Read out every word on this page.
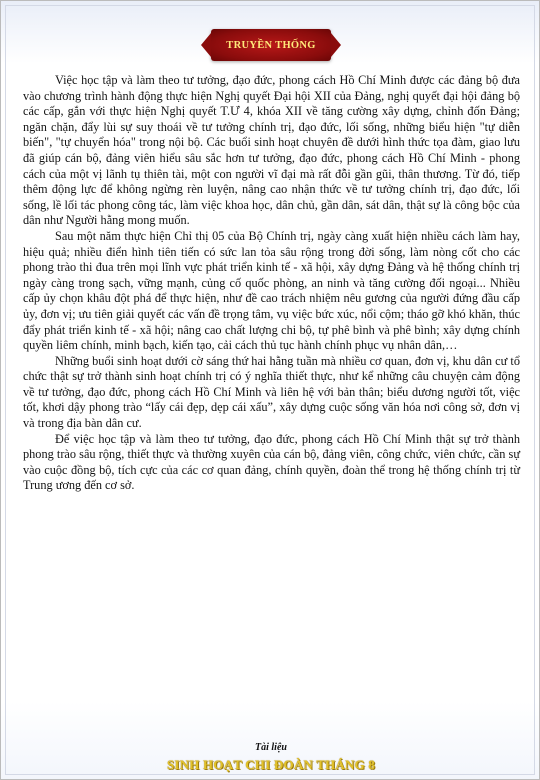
TRUYỀN THỐNG

Việc học tập và làm theo tư tưởng, đạo đức, phong cách Hồ Chí Minh được các đảng bộ đưa vào chương trình hành động thực hiện Nghị quyết Đại hội XII của Đảng, nghị quyết đại hội đảng bộ các cấp, gắn với thực hiện Nghị quyết T.Ư 4, khóa XII về tăng cường xây dựng, chỉnh đốn Đảng; ngăn chặn, đẩy lùi sự suy thoái về tư tưởng chính trị, đạo đức, lối sống, những biểu hiện "tự diễn biến", "tự chuyển hóa" trong nội bộ. Các buổi sinh hoạt chuyên đề dưới hình thức tọa đàm, giao lưu đã giúp cán bộ, đảng viên hiểu sâu sắc hơn tư tưởng, đạo đức, phong cách Hồ Chí Minh - phong cách của một vị lãnh tụ thiên tài, một con người vĩ đại mà rất đỗi gần gũi, thân thương. Từ đó, tiếp thêm động lực để không ngừng rèn luyện, nâng cao nhận thức về tư tưởng chính trị, đạo đức, lối sống, lề lối tác phong công tác, làm việc khoa học, dân chủ, gần dân, sát dân, thật sự là công bộc của dân như Người hằng mong muốn.

Sau một năm thực hiện Chỉ thị 05 của Bộ Chính trị, ngày càng xuất hiện nhiều cách làm hay, hiệu quả; nhiều điển hình tiên tiến có sức lan tỏa sâu rộng trong đời sống, làm nòng cốt cho các phong trào thi đua trên mọi lĩnh vực phát triển kinh tế - xã hội, xây dựng Đảng và hệ thống chính trị ngày càng trong sạch, vững mạnh, củng cố quốc phòng, an ninh và tăng cường đối ngoại... Nhiều cấp ủy chọn khâu đột phá để thực hiện, như đề cao trách nhiệm nêu gương của người đứng đầu cấp ủy, đơn vị; ưu tiên giải quyết các vấn đề trọng tâm, vụ việc bức xúc, nổi cộm; tháo gỡ khó khăn, thúc đẩy phát triển kinh tế - xã hội; nâng cao chất lượng chi bộ, tự phê bình và phê bình; xây dựng chính quyền liêm chính, minh bạch, kiến tạo, cải cách thủ tục hành chính phục vụ nhân dân,…

Những buổi sinh hoạt dưới cờ sáng thứ hai hằng tuần mà nhiều cơ quan, đơn vị, khu dân cư tổ chức thật sự trở thành sinh hoạt chính trị có ý nghĩa thiết thực, như kể những câu chuyện cảm động về tư tưởng, đạo đức, phong cách Hồ Chí Minh và liên hệ với bản thân; biểu dương người tốt, việc tốt, khơi dậy phong trào “lấy cái đẹp, dẹp cái xấu”, xây dựng cuộc sống văn hóa nơi công sở, đơn vị và trong địa bàn dân cư.

Để việc học tập và làm theo tư tưởng, đạo đức, phong cách Hồ Chí Minh thật sự trở thành phong trào sâu rộng, thiết thực và thường xuyên của cán bộ, đảng viên, công chức, viên chức, cần sự vào cuộc đồng bộ, tích cực của các cơ quan đảng, chính quyền, đoàn thể trong hệ thống chính trị từ Trung ương đến cơ sở.

Tài liệu
SINH HOẠT CHI ĐOÀN THÁNG 8
